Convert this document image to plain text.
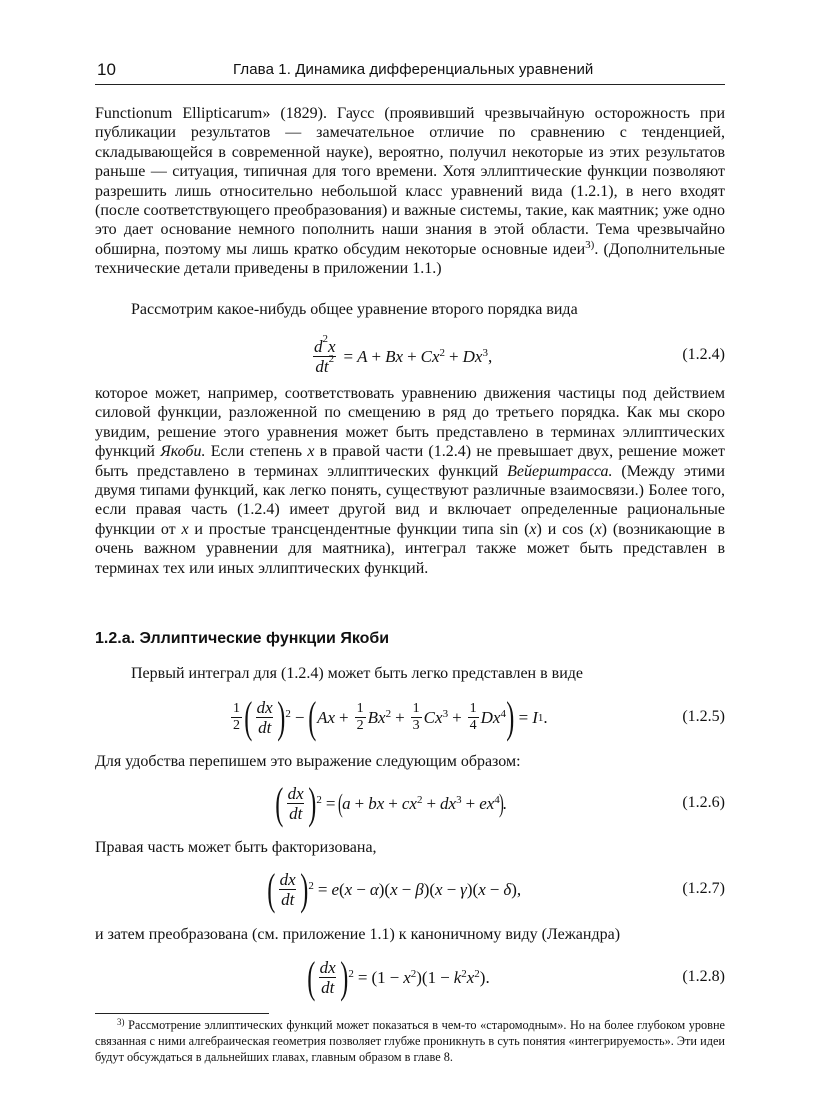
10	Глава 1. Динамика дифференциальных уравнений
Functionum Ellipticarum» (1829). Гаусс (проявивший чрезвычайную осторожность при публикации результатов — замечательное отличие по сравнению с тенденцией, складывающейся в современной науке), вероятно, получил некоторые из этих результатов раньше — ситуация, типичная для того времени. Хотя эллиптические функции позволяют разрешить лишь относительно небольшой класс уравнений вида (1.2.1), в него входят (после соответствующего преобразования) и важные системы, такие, как маятник; уже одно это дает основание немного пополнить наши знания в этой области. Тема чрезвычайно обширна, поэтому мы лишь кратко обсудим некоторые основные идеи$^{3)}$. (Дополнительные технические детали приведены в приложении 1.1.)
Рассмотрим какое-нибудь общее уравнение второго порядка вида
$\frac{d^2x}{dt^2} = A + Bx + Cx^2 + Dx^3$ ,	(1.2.4)
которое может, например, соответствовать уравнению движения частицы под действием силовой функции, разложенной по смещению в ряд до третьего порядка. Как мы скоро увидим, решение этого уравнения может быть представлено в терминах эллиптических функций Якоби. Если степень x в правой части (1.2.4) не превышает двух, решение может быть представлено в терминах эллиптических функций Вейерштрасса. (Между этими двумя типами функций, как легко понять, существуют различные взаимосвязи.) Более того, если правая часть (1.2.4) имеет другой вид и включает определенные рациональные функции от x и простые трансцендентные функции типа sin (x) и cos (x) (возникающие в очень важном уравнении для маятника), интеграл также может быть представлен в терминах тех или иных эллиптических функций.
1.2.a. Эллиптические функции Якоби
Первый интеграл для (1.2.4) может быть легко представлен в виде
$\frac{1}{2}$ ( $\frac{dx}{dt} )^2$ − ( $Ax + \frac{1}{2} Bx^2 + \frac{1}{3} Cx^3 + \frac{1}{4} Dx^4$ ) = I 1 .	(1.2.5)
Для удобства перепишем это выражение следующим образом:
( $\frac{dx}{dt} )^2$ = (
a + bx + $cx^2 + dx^3 + ex^4$
)
.	(1.2.6)
Правая часть может быть факторизована,
( $\frac{dx}{dt} )^2 = e$ ( x − α )( x − β )( x − γ )( x − δ ),	(1.2.7)
и затем преобразована (см. приложение 1.1) к каноничному виду (Лежандра)
( $\frac{dx}{dt} )^2 = (1 - x^2$ )($1 - k^2$ $x^2$ ).	(1.2.8)
$^{3)}$ Рассмотрение эллиптических функций может показаться в чем-то «старомодным». Но на более глубоком уровне связанная с ними алгебраическая геометрия позволяет глубже проникнуть в суть понятия «интегрируемость». Эти идеи будут обсуждаться в дальнейших главах, главным образом в главе 8.
